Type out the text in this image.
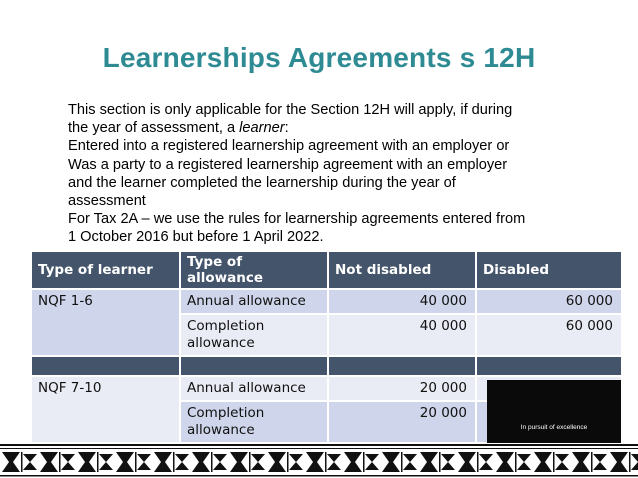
Learnerships Agreements s 12H
This section is only applicable for the Section 12H will apply, if during
the year of assessment, a learner:
Entered into a registered learnership agreement with an employer or
Was a party to a registered learnership agreement with an employer
and the learner completed the learnership during the year of
assessment
For Tax 2A – we use the rules for learnership agreements entered from
1 October 2016 but before 1 April 2022.
Type of learner	Type of allowance	Not disabled	Disabled
NQF 1-6	Annual allowance	40 000	60 000
	Completion allowance	40 000	60 000

NQF 7-10	Annual allowance	20 000	
	Completion allowance	20 000	
In pursuit of excellence
